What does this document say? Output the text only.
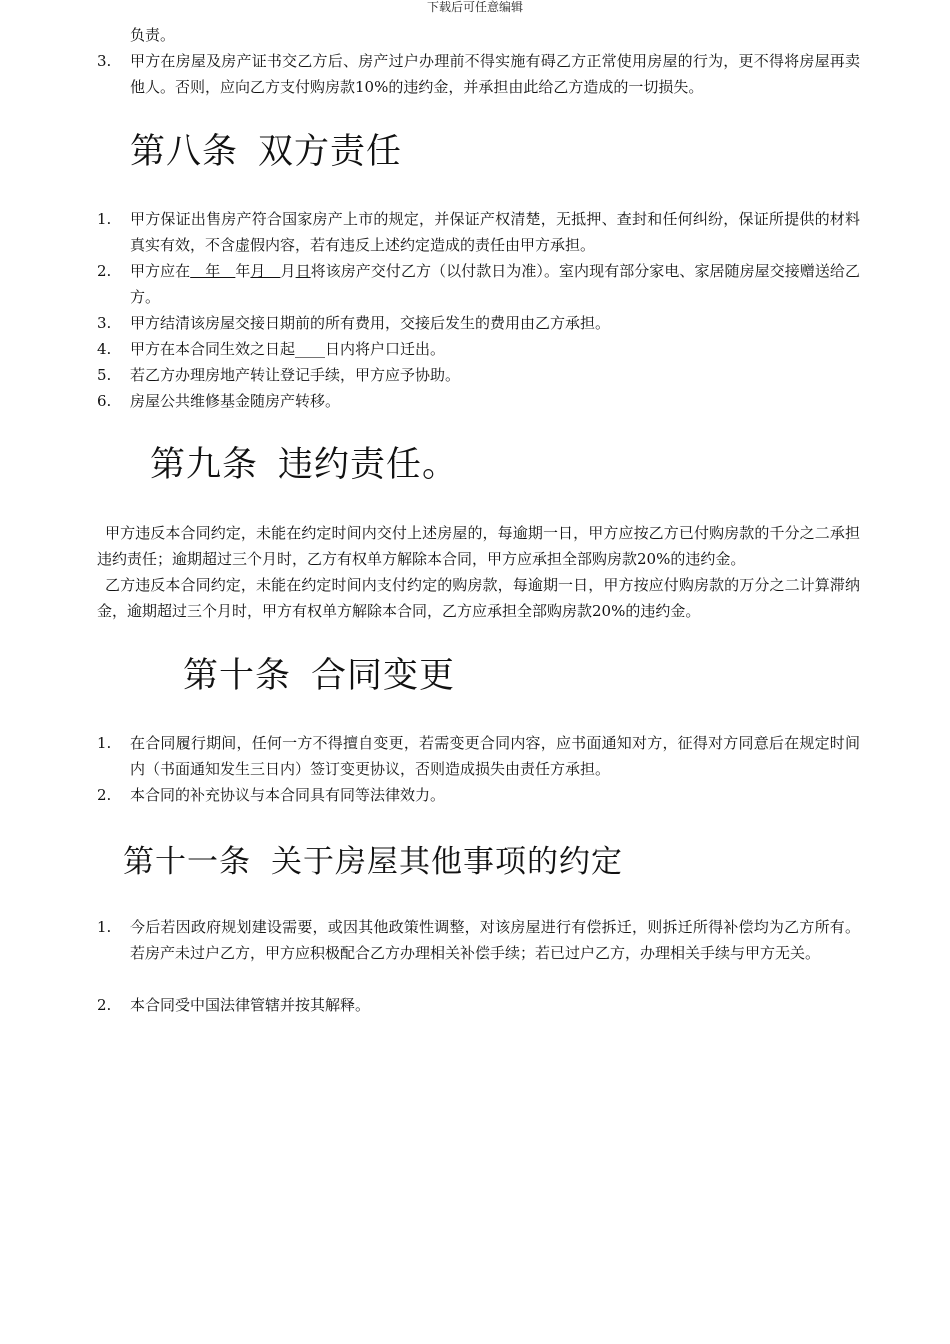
下载后可任意编辑
负责。
3. 甲方在房屋及房产证书交乙方后、房产过户办理前不得实施有碍乙方正常使用房屋的行为，更不得将房屋再卖他人。否则，应向乙方支付购房款10%的违约金，并承担由此给乙方造成的一切损失。
第八条 双方责任
1. 甲方保证出售房产符合国家房产上市的规定，并保证产权清楚，无抵押、查封和任何纠纷，保证所提供的材料真实有效，不含虚假内容，若有违反上述约定造成的责任由甲方承担。
2. 甲方应在　年　年月　月日将该房产交付乙方（以付款日为准）。室内现有部分家电、家居随房屋交接赠送给乙方。
3. 甲方结清该房屋交接日期前的所有费用，交接后发生的费用由乙方承担。
4. 甲方在本合同生效之日起____日内将户口迁出。
5. 若乙方办理房地产转让登记手续，甲方应予协助。
6. 房屋公共维修基金随房产转移。
第九条 违约责任。
甲方违反本合同约定，未能在约定时间内交付上述房屋的，每逾期一日，甲方应按乙方已付购房款的千分之二承担违约责任；逾期超过三个月时，乙方有权单方解除本合同，甲方应承担全部购房款20%的违约金。
乙方违反本合同约定，未能在约定时间内支付约定的购房款，每逾期一日，甲方按应付购房款的万分之二计算滞纳金，逾期超过三个月时，甲方有权单方解除本合同，乙方应承担全部购房款20%的违约金。
第十条 合同变更
1. 在合同履行期间，任何一方不得擅自变更，若需变更合同内容，应书面通知对方，征得对方同意后在规定时间内（书面通知发生三日内）签订变更协议，否则造成损失由责任方承担。
2. 本合同的补充协议与本合同具有同等法律效力。
第十一条 关于房屋其他事项的约定
1. 今后若因政府规划建设需要，或因其他政策性调整，对该房屋进行有偿拆迁，则拆迁所得补偿均为乙方所有。若房产未过户乙方，甲方应积极配合乙方办理相关补偿手续；若已过户乙方，办理相关手续与甲方无关。
2. 本合同受中国法律管辖并按其解释。
